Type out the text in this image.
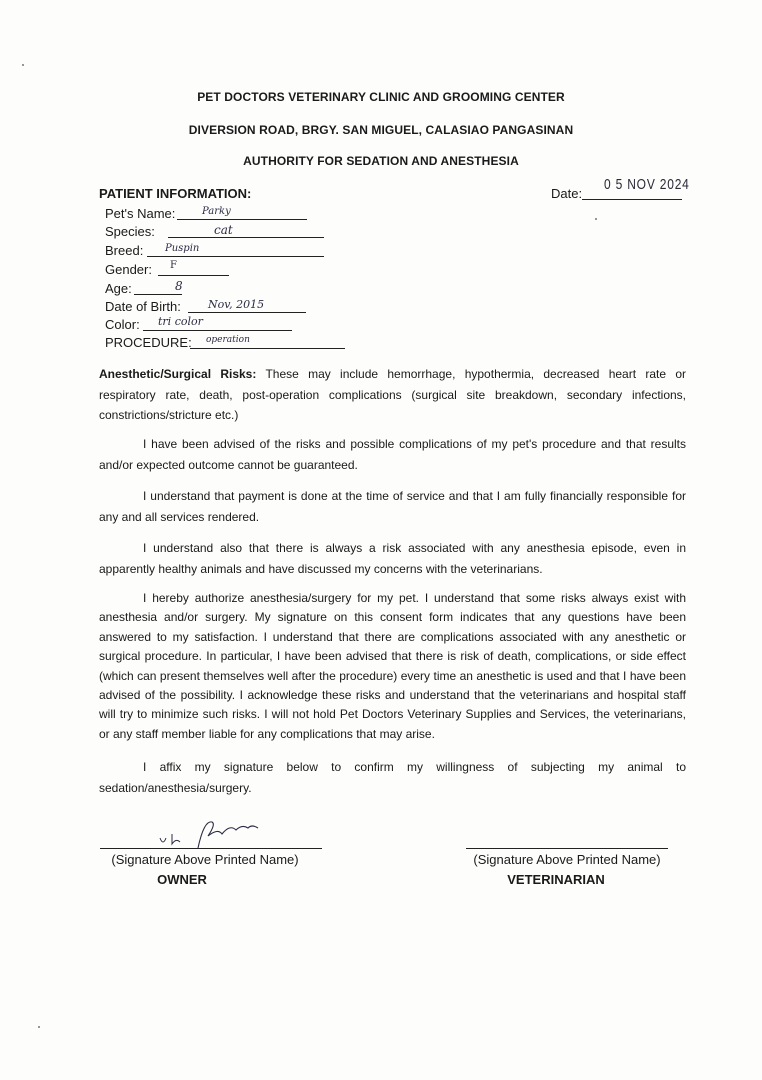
PET DOCTORS VETERINARY CLINIC AND GROOMING CENTER
DIVERSION ROAD, BRGY. SAN MIGUEL, CALASIAO PANGASINAN
AUTHORITY FOR SEDATION AND ANESTHESIA
PATIENT INFORMATION:	Date:
0 5 NOV 2024
Pet's Name:	Parky
Species:	cat
Breed: Puspin
Gender: F
Age:	8
Date of Birth: Nov, 2015
Color: tri color
PROCEDURE: operation

Anesthetic/Surgical Risks: These may include hemorrhage, hypothermia, decreased heart rate or respiratory rate, death, post-operation complications (surgical site breakdown, secondary infections, constrictions/stricture etc.)

I have been advised of the risks and possible complications of my pet's procedure and that results and/or expected outcome cannot be guaranteed.

I understand that payment is done at the time of service and that I am fully financially responsible for any and all services rendered.

I understand also that there is always a risk associated with any anesthesia episode, even in apparently healthy animals and have discussed my concerns with the veterinarians.

I hereby authorize anesthesia/surgery for my pet. I understand that some risks always exist with anesthesia and/or surgery. My signature on this consent form indicates that any questions have been answered to my satisfaction. I understand that there are complications associated with any anesthetic or surgical procedure. In particular, I have been advised that there is risk of death, complications, or side effect (which can present themselves well after the procedure) every time an anesthetic is used and that I have been advised of the possibility. I acknowledge these risks and understand that the veterinarians and hospital staff will try to minimize such risks. I will not hold Pet Doctors Veterinary Supplies and Services, the veterinarians, or any staff member liable for any complications that may arise.

I affix my signature below to confirm my willingness of subjecting my animal to sedation/anesthesia/surgery.

(Signature Above Printed Name)
OWNER
(Signature Above Printed Name)
VETERINARIAN
